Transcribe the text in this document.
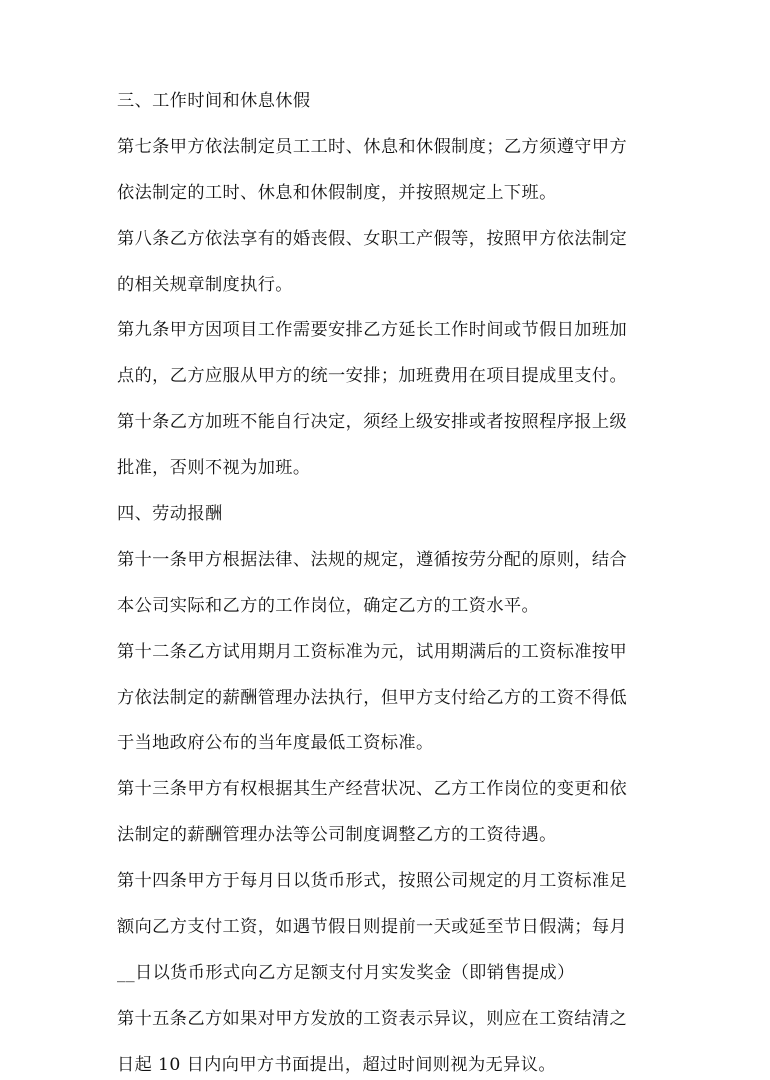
三、工作时间和休息休假
第七条甲方依法制定员工工时、休息和休假制度；乙方须遵守甲方
依法制定的工时、休息和休假制度，并按照规定上下班。
第八条乙方依法享有的婚丧假、女职工产假等，按照甲方依法制定
的相关规章制度执行。
第九条甲方因项目工作需要安排乙方延长工作时间或节假日加班加
点的，乙方应服从甲方的统一安排；加班费用在项目提成里支付。
第十条乙方加班不能自行决定，须经上级安排或者按照程序报上级
批准，否则不视为加班。
四、劳动报酬
第十一条甲方根据法律、法规的规定，遵循按劳分配的原则，结合
本公司实际和乙方的工作岗位，确定乙方的工资水平。
第十二条乙方试用期月工资标准为元，试用期满后的工资标准按甲
方依法制定的薪酬管理办法执行，但甲方支付给乙方的工资不得低
于当地政府公布的当年度最低工资标准。
第十三条甲方有权根据其生产经营状况、乙方工作岗位的变更和依
法制定的薪酬管理办法等公司制度调整乙方的工资待遇。
第十四条甲方于每月日以货币形式，按照公司规定的月工资标准足
额向乙方支付工资，如遇节假日则提前一天或延至节日假满；每月
__日以货币形式向乙方足额支付月实发奖金（即销售提成）
第十五条乙方如果对甲方发放的工资表示异议，则应在工资结清之
日起 10 日内向甲方书面提出，超过时间则视为无异议。
